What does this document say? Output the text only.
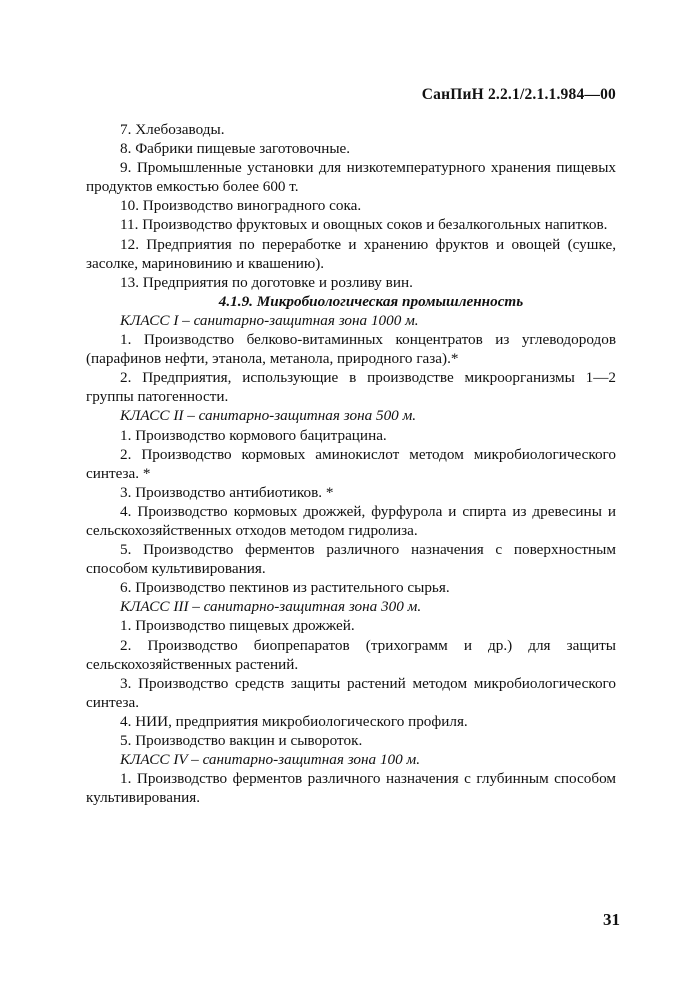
СанПиН 2.2.1/2.1.1.984—00

7. Хлебозаводы.

8. Фабрики пищевые заготовочные.

9. Промышленные установки для низкотемпературного хранения пищевых продуктов емкостью более 600 т.

10. Производство виноградного сока.

11. Производство фруктовых и овощных соков и безалкогольных напитков.

12. Предприятия по переработке и хранению фруктов и овощей (сушке, засолке, мариновинию и квашению).

13. Предприятия по доготовке и розливу вин.

4.1.9. Микробиологическая промышленность

КЛАСС I – санитарно-защитная зона 1000 м.

1. Производство белково-витаминных концентратов из углеводородов (парафинов нефти, этанола, метанола, природного газа).*

2. Предприятия, использующие в производстве микроорганизмы 1—2 группы патогенности.

КЛАСС II – санитарно-защитная зона 500 м.

1. Производство кормового бацитрацина.

2. Производство кормовых аминокислот методом микробиологического синтеза. *

3. Производство антибиотиков. *

4. Производство кормовых дрожжей, фурфурола и спирта из древесины и сельскохозяйственных отходов методом гидролиза.

5. Производство ферментов различного назначения с поверхностным способом культивирования.

6. Производство пектинов из растительного сырья.

КЛАСС III – санитарно-защитная зона 300 м.

1. Производство пищевых дрожжей.

2. Производство биопрепаратов (трихограмм и др.) для защиты сельскохозяйственных растений.

3. Производство средств защиты растений методом микробиологического синтеза.

4. НИИ, предприятия микробиологического профиля.

5. Производство вакцин и сывороток.

КЛАСС IV – санитарно-защитная зона 100 м.

1. Производство ферментов различного назначения с глубинным способом культивирования.

31
